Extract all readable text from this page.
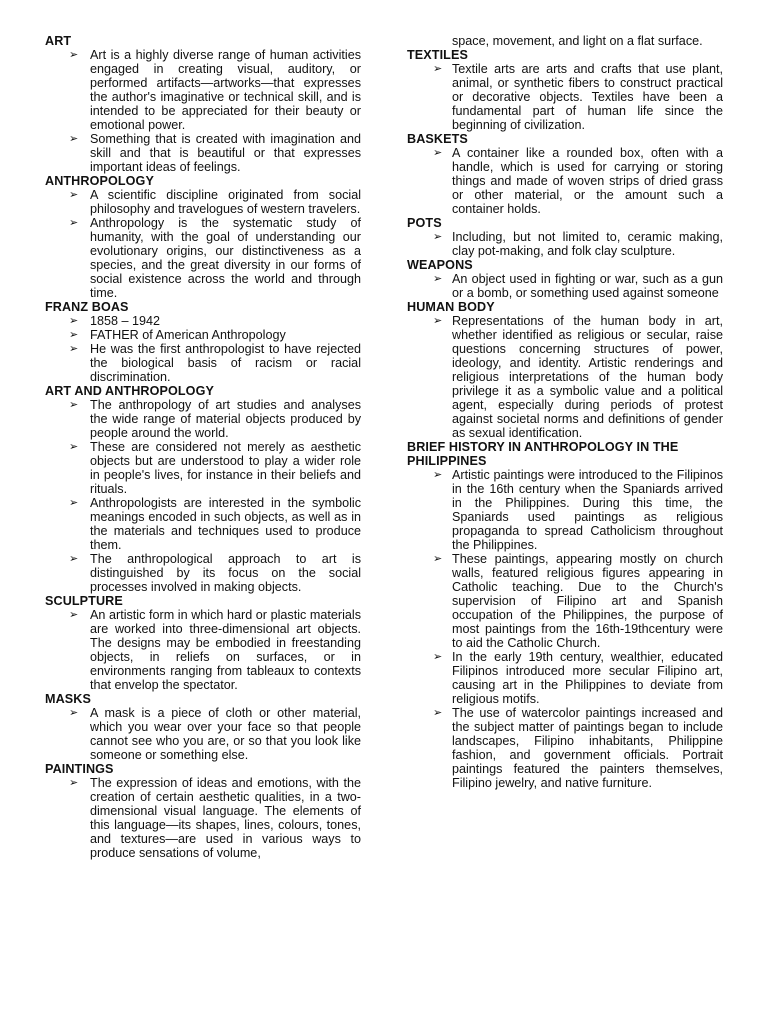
ART
➢ Art is a highly diverse range of human activities engaged in creating visual, auditory, or performed artifacts—artworks—that expresses the author's imaginative or technical skill, and is intended to be appreciated for their beauty or emotional power.
➢ Something that is created with imagination and skill and that is beautiful or that expresses important ideas of feelings.
ANTHROPOLOGY
➢ A scientific discipline originated from social philosophy and travelogues of western travelers.
➢ Anthropology is the systematic study of humanity, with the goal of understanding our evolutionary origins, our distinctiveness as a species, and the great diversity in our forms of social existence across the world and through time.
FRANZ BOAS
➢ 1858 – 1942
➢ FATHER of American Anthropology
➢ He was the first anthropologist to have rejected the biological basis of racism or racial discrimination.
ART AND ANTHROPOLOGY
➢ The anthropology of art studies and analyses the wide range of material objects produced by people around the world.
➢ These are considered not merely as aesthetic objects but are understood to play a wider role in people's lives, for instance in their beliefs and rituals.
➢ Anthropologists are interested in the symbolic meanings encoded in such objects, as well as in the materials and techniques used to produce them.
➢ The anthropological approach to art is distinguished by its focus on the social processes involved in making objects.
SCULPTURE
➢ An artistic form in which hard or plastic materials are worked into three-dimensional art objects. The designs may be embodied in freestanding objects, in reliefs on surfaces, or in environments ranging from tableaux to contexts that envelop the spectator.
MASKS
➢ A mask is a piece of cloth or other material, which you wear over your face so that people cannot see who you are, or so that you look like someone or something else.
PAINTINGS
➢ The expression of ideas and emotions, with the creation of certain aesthetic qualities, in a two-dimensional visual language. The elements of this language—its shapes, lines, colours, tones, and textures—are used in various ways to produce sensations of volume,
space, movement, and light on a flat surface.
TEXTILES
➢ Textile arts are arts and crafts that use plant, animal, or synthetic fibers to construct practical or decorative objects. Textiles have been a fundamental part of human life since the beginning of civilization.
BASKETS
➢ A container like a rounded box, often with a handle, which is used for carrying or storing things and made of woven strips of dried grass or other material, or the amount such a container holds.
POTS
➢ Including, but not limited to, ceramic making, clay pot-making, and folk clay sculpture.
WEAPONS
➢ An object used in fighting or war, such as a gun or a bomb, or something used against someone
HUMAN BODY
➢ Representations of the human body in art, whether identified as religious or secular, raise questions concerning structures of power, ideology, and identity. Artistic renderings and religious interpretations of the human body privilege it as a symbolic value and a political agent, especially during periods of protest against societal norms and definitions of gender as sexual identification.
BRIEF HISTORY IN ANTHROPOLOGY IN THE PHILIPPINES
➢ Artistic paintings were introduced to the Filipinos in the 16th century when the Spaniards arrived in the Philippines. During this time, the Spaniards used paintings as religious propaganda to spread Catholicism throughout the Philippines.
➢ These paintings, appearing mostly on church walls, featured religious figures appearing in Catholic teaching. Due to the Church's supervision of Filipino art and Spanish occupation of the Philippines, the purpose of most paintings from the 16th-19thcentury were to aid the Catholic Church.
➢ In the early 19th century, wealthier, educated Filipinos introduced more secular Filipino art, causing art in the Philippines to deviate from religious motifs.
➢ The use of watercolor paintings increased and the subject matter of paintings began to include landscapes, Filipino inhabitants, Philippine fashion, and government officials. Portrait paintings featured the painters themselves, Filipino jewelry, and native furniture.
